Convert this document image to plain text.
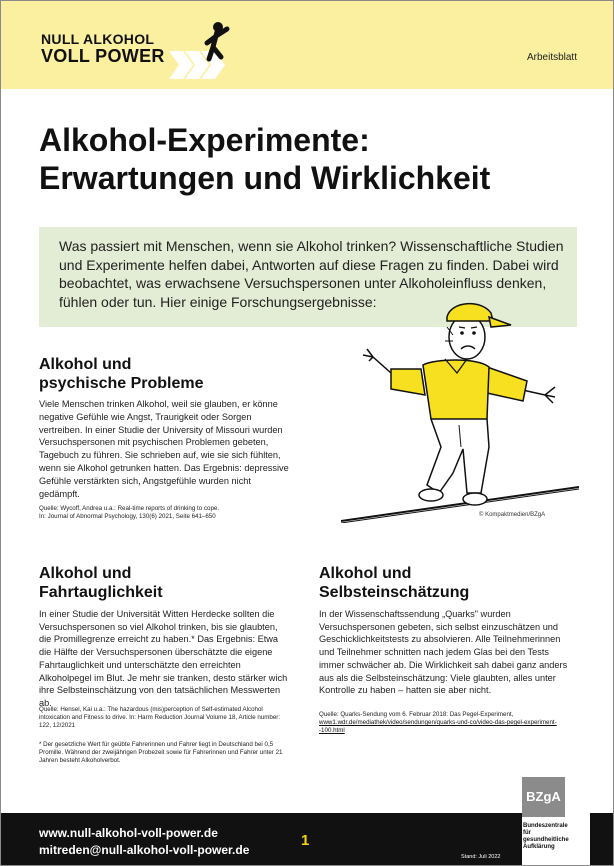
NULL ALKOHOL
VOLL POWER	Arbeitsblatt
Alkohol-Experimente:
Erwartungen und Wirklichkeit

Was passiert mit Menschen, wenn sie Alkohol trinken? Wissenschaftliche Studien und Experimente helfen dabei, Antworten auf diese Fragen zu finden. Dabei wird beobachtet, was erwachsene Versuchspersonen unter Alkoholeinfluss denken, fühlen oder tun. Hier einige Forschungsergebnisse:

© Kompaktmedien/BZgA
Alkohol und
psychische Probleme

Viele Menschen trinken Alkohol, weil sie glauben, er könne negative Gefühle wie Angst, Traurigkeit oder Sorgen vertreiben. In einer Studie der University of Missouri wurden Versuchspersonen mit psychischen Problemen gebeten, Tagebuch zu führen. Sie schrieben auf, wie sie sich fühlten, wenn sie Alkohol getrunken hatten. Das Ergebnis: depressive Gefühle verstärkten sich, Angstgefühle wurden nicht gedämpft.

Quelle: Wycoff, Andrea u.a.: Real-time reports of drinking to cope.
In: Journal of Abnormal Psychology, 130(6) 2021, Seite 641–650

Alkohol und
Fahrtauglichkeit

In einer Studie der Universität Witten Herdecke sollten die Versuchspersonen so viel Alkohol trinken, bis sie glaubten, die Promillegrenze erreicht zu haben.* Das Ergebnis: Etwa die Hälfte der Versuchspersonen überschätzte die eigene Fahrtauglichkeit und unterschätzte den erreichten Alkoholpegel im Blut. Je mehr sie tranken, desto stärker wich ihre Selbsteinschätzung von den tatsächlichen Messwerten ab.

Quelle: Hensel, Kai u.a.: The hazardous (mis)perception of Self-estimated Alcohol intoxication and Fitness to drive. In: Harm Reduction Journal Volume 18, Article number: 122, 12/2021

* Der gesetzliche Wert für geübte Fahrerinnen und Fahrer liegt in Deutschland bei 0,5 Promille. Während der zweijährigen Probezeit sowie für Fahrerinnen und Fahrer unter 21 Jahren besteht Alkoholverbot.

Alkohol und
Selbsteinschätzung

In der Wissenschaftssendung „Quarks" wurden Versuchspersonen gebeten, sich selbst einzuschätzen und Geschicklichkeitstests zu absolvieren. Alle Teilnehmerinnen und Teilnehmer schnitten nach jedem Glas bei den Tests immer schwächer ab. Die Wirklichkeit sah dabei ganz anders aus als die Selbsteinschätzung: Viele glaubten, alles unter Kontrolle zu haben – hatten sie aber nicht.

Quelle: Quarks-Sendung vom 6. Februar 2018: Das Pegel-Experiment, www1.wdr.de/mediathek/video/sendungen/quarks-und-co/video-das-pegel-experiment--100.html

www.null-alkohol-voll-power.de
mitreden@null-alkohol-voll-power.de
1
Stand: Juli 2022
BZgA
Bundeszentrale
für
gesundheitliche
Aufklärung
